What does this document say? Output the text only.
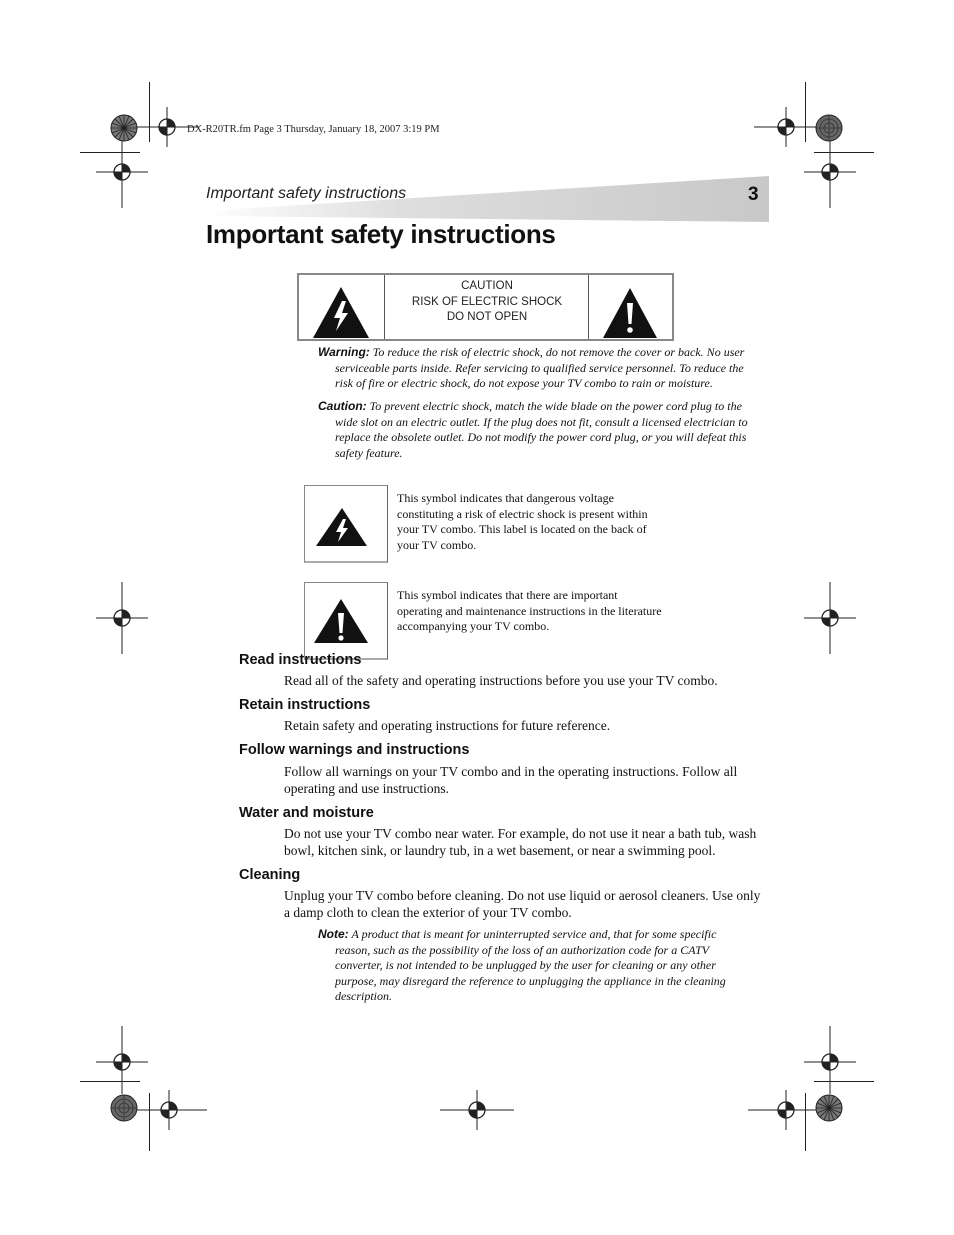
DX-R20TR.fm Page 3 Thursday, January 18, 2007 3:19 PM
Important safety instructions	3
Important safety instructions
CAUTION
RISK OF ELECTRIC SHOCK
DO NOT OPEN
Warning: To reduce the risk of electric shock, do not remove the cover or back. No user serviceable parts inside. Refer servicing to qualified service personnel. To reduce the risk of fire or electric shock, do not expose your TV combo to rain or moisture.
Caution: To prevent electric shock, match the wide blade on the power cord plug to the wide slot on an electric outlet. If the plug does not fit, consult a licensed electrician to replace the obsolete outlet. Do not modify the power cord plug, or you will defeat this safety feature.
This symbol indicates that dangerous voltage constituting a risk of electric shock is present within your TV combo. This label is located on the back of your TV combo.
This symbol indicates that there are important operating and maintenance instructions in the literature accompanying your TV combo.
Read instructions
Read all of the safety and operating instructions before you use your TV combo.
Retain instructions
Retain safety and operating instructions for future reference.
Follow warnings and instructions
Follow all warnings on your TV combo and in the operating instructions. Follow all operating and use instructions.
Water and moisture
Do not use your TV combo near water. For example, do not use it near a bath tub, wash bowl, kitchen sink, or laundry tub, in a wet basement, or near a swimming pool.
Cleaning
Unplug your TV combo before cleaning. Do not use liquid or aerosol cleaners. Use only a damp cloth to clean the exterior of your TV combo.
Note: A product that is meant for uninterrupted service and, that for some specific reason, such as the possibility of the loss of an authorization code for a CATV converter, is not intended to be unplugged by the user for cleaning or any other purpose, may disregard the reference to unplugging the appliance in the cleaning description.
